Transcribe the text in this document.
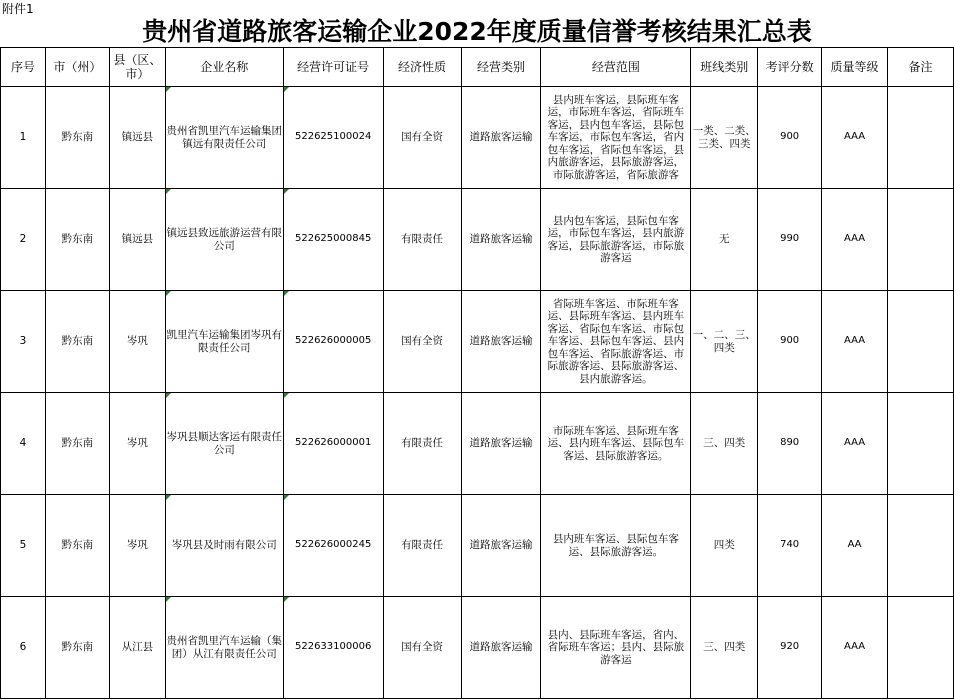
附件1
贵州省道路旅客运输企业2022年度质量信誉考核结果汇总表
序号	市（州）	县（区、市）	企业名称	经营许可证号	经济性质	经营类别	经营范围	班线类别	考评分数	质量等级	备注
1	黔东南	镇远县	贵州省凯里汽车运输集团镇远有限责任公司	522625100024	国有全资	道路旅客运输	县内班车客运，县际班车客运，市际班车客运，省际班车客运，县内包车客运，县际包车客运，市际包车客运，省内包车客运，省际包车客运，县内旅游客运，县际旅游客运，市际旅游客运，省际旅游客	一类、二类、三类、四类	900	AAA	
2	黔东南	镇远县	镇远县致远旅游运营有限公司	522625000845	有限责任	道路旅客运输	县内包车客运，县际包车客运，市际包车客运，县内旅游客运，县际旅游客运，市际旅游客运	无	990	AAA	
3	黔东南	岑巩	凯里汽车运输集团岑巩有限责任公司	522626000005	国有全资	道路旅客运输	省际班车客运、市际班车客运、县际班车客运、县内班车客运、省际包车客运、市际包车客运、县际包车客运、县内包车客运、省际旅游客运、市际旅游客运、县际旅游客运、县内旅游客运。	一、二、三、四类	900	AAA	
4	黔东南	岑巩	岑巩县顺达客运有限责任公司	522626000001	有限责任	道路旅客运输	市际班车客运、县际班车客运、县内班车客运、县际包车客运、县际旅游客运。	三、四类	890	AAA	
5	黔东南	岑巩	岑巩县及时雨有限公司	522626000245	有限责任	道路旅客运输	县内班车客运、县际包车客运、县际旅游客运。	四类	740	AA	
6	黔东南	从江县	贵州省凯里汽车运输（集团）从江有限责任公司	522633100006	国有全资	道路旅客运输	县内、县际班车客运，省内、省际班车客运；县内、县际旅游客运	三、四类	920	AAA	
